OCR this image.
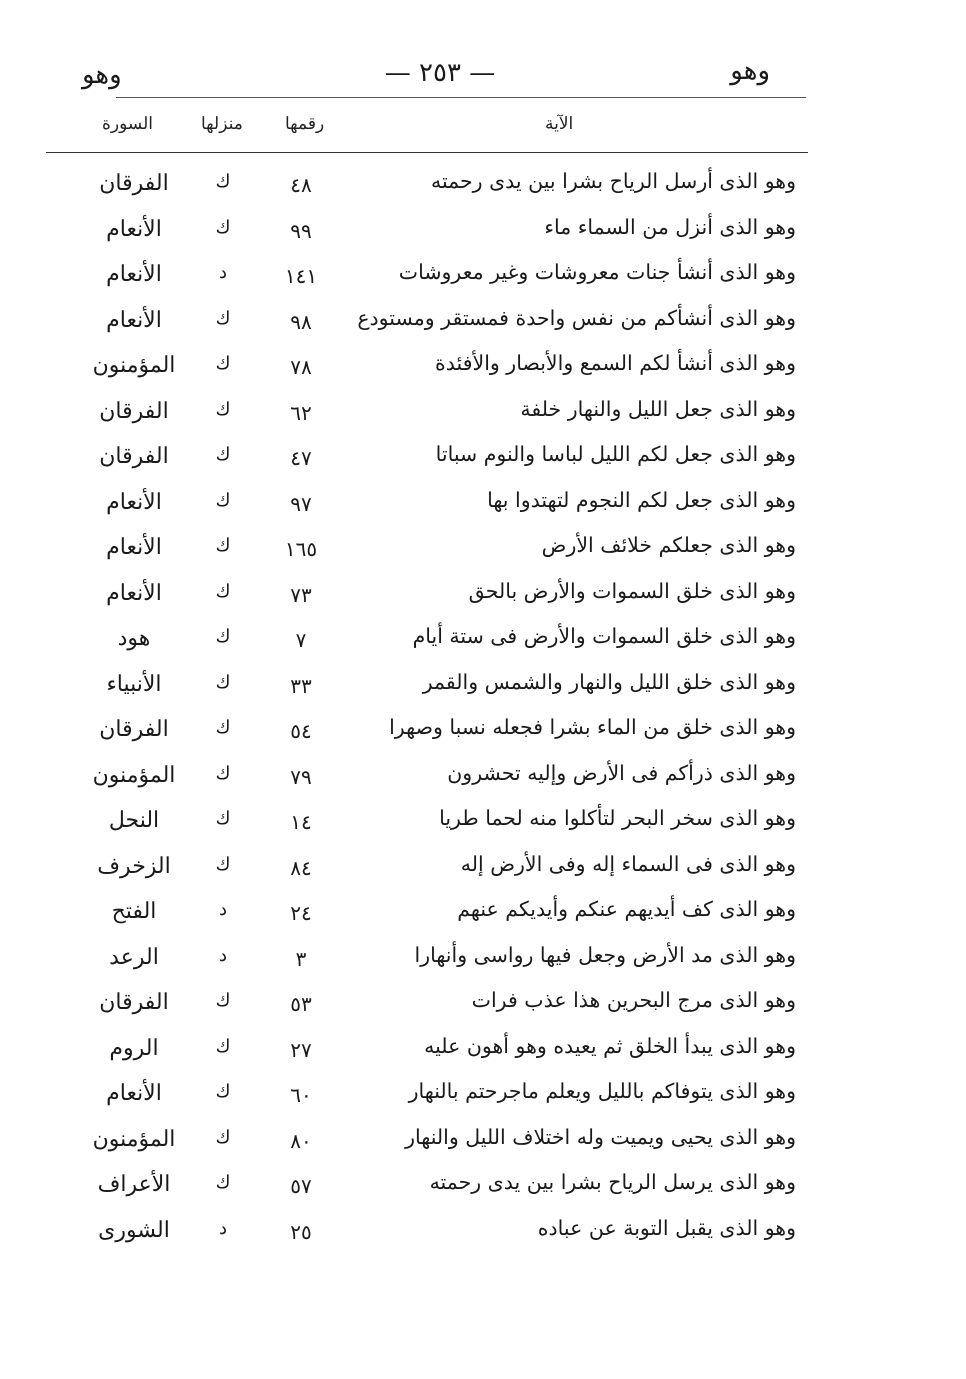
وهو
— ٢٥٣ —
وهو
الآية
رقمها
منزلها
السورة
وهو الذى أرسل الرياح بشرا بين يدى رحمته
٤٨
ك
الفرقان
وهو الذى أنزل من السماء ماء
٩٩
ك
الأنعام
وهو الذى أنشأ جنات معروشات وغير معروشات
١٤١
د
الأنعام
وهو الذى أنشأكم من نفس واحدة فمستقر ومستودع
٩٨
ك
الأنعام
وهو الذى أنشأ لكم السمع والأبصار والأفئدة
٧٨
ك
المؤمنون
وهو الذى جعل الليل والنهار خلفة
٦٢
ك
الفرقان
وهو الذى جعل لكم الليل لباسا والنوم سباتا
٤٧
ك
الفرقان
وهو الذى جعل لكم النجوم لتهتدوا بها
٩٧
ك
الأنعام
وهو الذى جعلكم خلائف الأرض
١٦٥
ك
الأنعام
وهو الذى خلق السموات والأرض بالحق
٧٣
ك
الأنعام
وهو الذى خلق السموات والأرض فى ستة أيام
٧
ك
هود
وهو الذى خلق الليل والنهار والشمس والقمر
٣٣
ك
الأنبياء
وهو الذى خلق من الماء بشرا فجعله نسبا وصهرا
٥٤
ك
الفرقان
وهو الذى ذرأكم فى الأرض وإليه تحشرون
٧٩
ك
المؤمنون
وهو الذى سخر البحر لتأكلوا منه لحما طريا
١٤
ك
النحل
وهو الذى فى السماء إله وفى الأرض إله
٨٤
ك
الزخرف
وهو الذى كف أيديهم عنكم وأيديكم عنهم
٢٤
د
الفتح
وهو الذى مد الأرض وجعل فيها رواسى وأنهارا
٣
د
الرعد
وهو الذى مرج البحرين هذا عذب فرات
٥٣
ك
الفرقان
وهو الذى يبدأ الخلق ثم يعيده وهو أهون عليه
٢٧
ك
الروم
وهو الذى يتوفاكم بالليل ويعلم ماجرحتم بالنهار
٦٠
ك
الأنعام
وهو الذى يحيى ويميت وله اختلاف الليل والنهار
٨٠
ك
المؤمنون
وهو الذى يرسل الرياح بشرا بين يدى رحمته
٥٧
ك
الأعراف
وهو الذى يقبل التوبة عن عباده
٢٥
د
الشورى
